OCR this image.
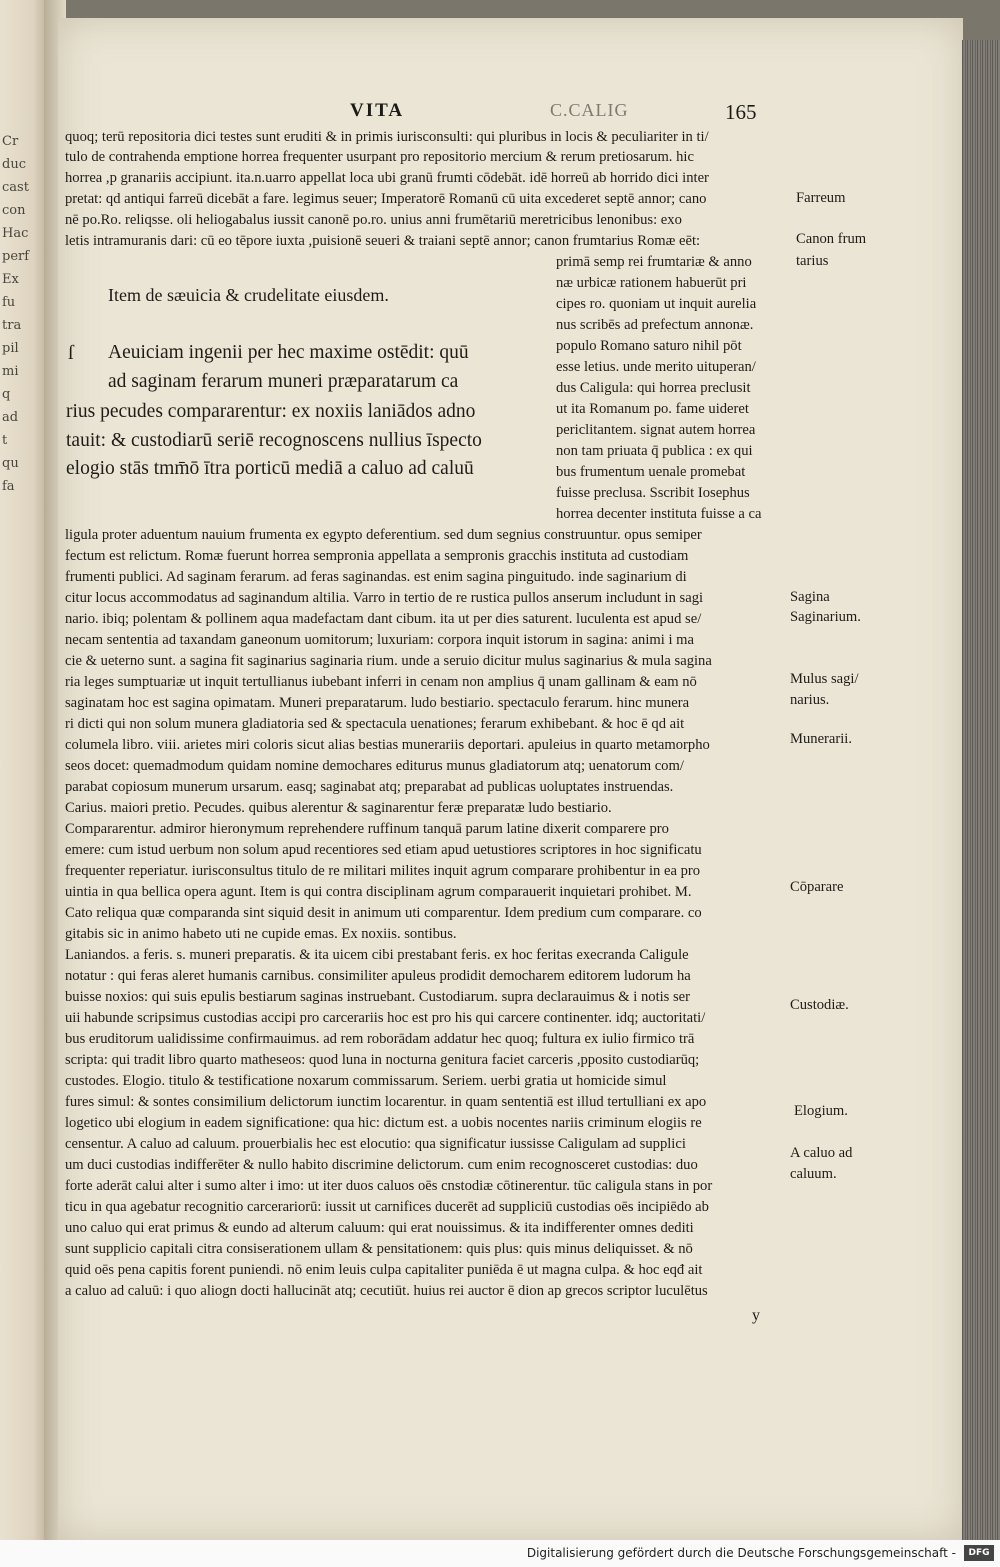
Cr
duc
cast
con
Hac
perf
Ex
fu
tra
pil
mi
q
ad
t
qu
fa
VITA	C.CALIG	165
quoq; terū repositoria dici testes sunt eruditi & in primis iurisconsulti: qui pluribus in locis & peculiariter in ti/
tulo de contrahenda emptione horrea frequenter usurpant pro repositorio mercium & rerum pretiosarum. hic
horrea ,p granariis accipiunt. ita.n.uarro appellat loca ubi granū frumti cōdebāt. idē horreū ab horrido dici inter
pretat: qd antiqui farreū dicebāt a fare. legimus seuer; Imperatorē Romanū cū uita excederet septē annor; cano
nē po.Ro. reliqsse. oli heliogabalus iussit canonē po.ro. unius anni frumētariū meretricibus lenonibus: exo
letis intramuranis dari: cū eo tēpore iuxta ,puisionē seueri & traiani septē annor; canon frumtarius Romæ eēt:
Item de sæuicia & crudelitate eiusdem.
ſ Aeuiciam ingenii per hec maxime ostēdit: quū
ad saginam ferarum muneri præparatarum ca
rius pecudes compararentur: ex noxiis laniādos adno
tauit: & custodiarū seriē recognoscens nullius īspecto
elogio stās tmm̄ō ītra porticū mediā a caluo ad caluū
primā semp rei frumtariæ & anno
næ urbicæ rationem habuerūt pri
cipes ro. quoniam ut inquit aurelia
nus scribēs ad prefectum annonæ.
populo Romano saturo nihil pōt
esse letius. unde merito uituperan/
dus Caligula: qui horrea preclusit
ut ita Romanum po. fame uideret
periclitantem. signat autem horrea
non tam priuata q̄ publica : ex qui
bus frumentum uenale promebat
fuisse preclusa. Sscribit Iosephus
horrea decenter instituta fuisse a ca
ligula proter aduentum nauium frumenta ex egypto deferentium. sed dum segnius construuntur. opus semiper
fectum est relictum. Romæ fuerunt horrea sempronia appellata a sempronis gracchis instituta ad custodiam
frumenti publici. Ad saginam ferarum. ad feras saginandas. est enim sagina pinguitudo. inde saginarium di
citur locus accommodatus ad saginandum altilia. Varro in tertio de re rustica pullos anserum includunt in sagi
nario. ibiq; polentam & pollinem aqua madefactam dant cibum. ita ut per dies saturent. luculenta est apud se/
necam sententia ad taxandam ganeonum uomitorum; luxuriam: corpora inquit istorum in sagina: animi i ma
cie & ueterno sunt. a sagina fit saginarius saginaria rium. unde a seruio dicitur mulus saginarius & mula sagina
ria leges sumptuariæ ut inquit tertullianus iubebant inferri in cenam non amplius q̄ unam gallinam & eam nō
saginatam hoc est sagina opimatam. Muneri preparatarum. ludo bestiario. spectaculo ferarum. hinc munera
ri dicti qui non solum munera gladiatoria sed & spectacula uenationes; ferarum exhibebant. & hoc ē qd ait
columela libro. viii. arietes miri coloris sicut alias bestias munerariis deportari. apuleius in quarto metamorpho
seos docet: quemadmodum quidam nomine demochares editurus munus gladiatorum atq; uenatorum com/
parabat copiosum munerum ursarum. easq; saginabat atq; preparabat ad publicas uoluptates instruendas.
Carius. maiori pretio. Pecudes. quibus alerentur & saginarentur feræ preparatæ ludo bestiario.
Compararentur. admiror hieronymum reprehendere ruffinum tanquā parum latine dixerit comparere pro
emere: cum istud uerbum non solum apud recentiores sed etiam apud uetustiores scriptores in hoc significatu
frequenter reperiatur. iurisconsultus titulo de re militari milites inquit agrum comparare prohibentur in ea pro
uintia in qua bellica opera agunt. Item is qui contra disciplinam agrum comparauerit inquietari prohibet. M.
Cato reliqua quæ comparanda sint siquid desit in animum uti comparentur. Idem predium cum comparare. co
gitabis sic in animo habeto uti ne cupide emas. Ex noxiis. sontibus.
Laniandos. a feris. s. muneri preparatis. & ita uicem cibi prestabant feris. ex hoc feritas execranda Caligule
notatur : qui feras aleret humanis carnibus. consimiliter apuleus prodidit democharem editorem ludorum ha
buisse noxios: qui suis epulis bestiarum saginas instruebant. Custodiarum. supra declarauimus & i notis ser
uii habunde scripsimus custodias accipi pro carcerariis hoc est pro his qui carcere continenter. idq; auctoritati/
bus eruditorum ualidissime confirmauimus. ad rem roborādam addatur hec quoq; fultura ex iulio firmico trā
scripta: qui tradit libro quarto matheseos: quod luna in nocturna genitura faciet carceris ,pposito custodiarūq;
custodes. Elogio. titulo & testificatione noxarum commissarum. Seriem. uerbi gratia ut homicide simul
fures simul: & sontes consimilium delictorum iunctim locarentur. in quam sententiā est illud tertulliani ex apo
logetico ubi elogium in eadem significatione: qua hic: dictum est. a uobis nocentes nariis criminum elogiis re
censentur. A caluo ad caluum. prouerbialis hec est elocutio: qua significatur iussisse Caligulam ad supplici
um duci custodias indifferēter & nullo habito discrimine delictorum. cum enim recognosceret custodias: duo
forte aderāt calui alter i sumo alter i imo: ut iter duos caluos oēs cnstodiæ cōtinerentur. tūc caligula stans in por
ticu in qua agebatur recognitio carcerariorū: iussit ut carnifices ducerēt ad suppliciū custodias oēs incipiēdo ab
uno caluo qui erat primus & eundo ad alterum caluum: qui erat nouissimus. & ita indifferenter omnes dediti
sunt supplicio capitali citra consiserationem ullam & pensitationem: quis plus: quis minus deliquisset. & nō
quid oēs pena capitis forent puniendi. nō enim leuis culpa capitaliter puniēda ē ut magna culpa. & hoc eqđ ait
a caluo ad caluū: i quo aliogn docti hallucināt atq; cecutiūt. huius rei auctor ē dion ap grecos scriptor luculētus
Farreum
Canon frum
tarius
Sagina
Saginarium.
Mulus sagi/
narius.
Munerarii.
Cōparare
Custodiæ.
Elogium.
A caluo ad
caluum.
y
Digitalisierung gefördert durch die Deutsche Forschungsgemeinschaft -	DFG
